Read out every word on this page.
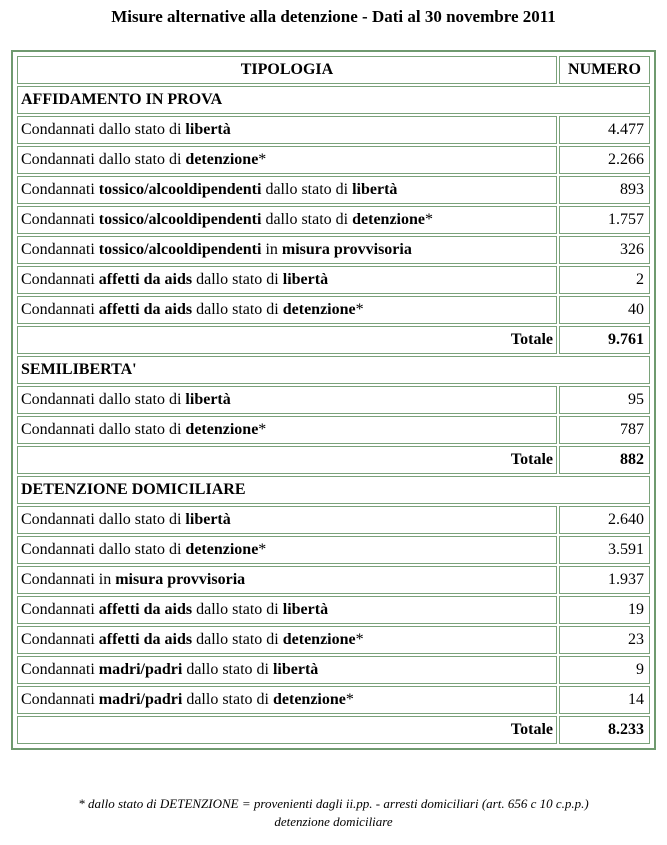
Misure alternative alla detenzione - Dati al 30 novembre 2011
TIPOLOGIA	NUMERO
AFFIDAMENTO IN PROVA	
Condannati dallo stato di libertà	4.477
Condannati dallo stato di detenzione*	2.266
Condannati tossico/alcooldipendenti dallo stato di libertà	893
Condannati tossico/alcooldipendenti dallo stato di detenzione*	1.757
Condannati tossico/alcooldipendenti in misura provvisoria	326
Condannati affetti da aids dallo stato di libertà	2
Condannati affetti da aids dallo stato di detenzione*	40
Totale	9.761
SEMILIBERTA'	
Condannati dallo stato di libertà	95
Condannati dallo stato di detenzione*	787
Totale	882
DETENZIONE DOMICILIARE	
Condannati dallo stato di libertà	2.640
Condannati dallo stato di detenzione*	3.591
Condannati in misura provvisoria	1.937
Condannati affetti da aids dallo stato di libertà	19
Condannati affetti da aids dallo stato di detenzione*	23
Condannati madri/padri dallo stato di libertà	9
Condannati madri/padri dallo stato di detenzione*	14
Totale	8.233
* dallo stato di DETENZIONE = provenienti dagli ii.pp. - arresti domiciliari (art. 656 c 10 c.p.p.)
detenzione domiciliare
